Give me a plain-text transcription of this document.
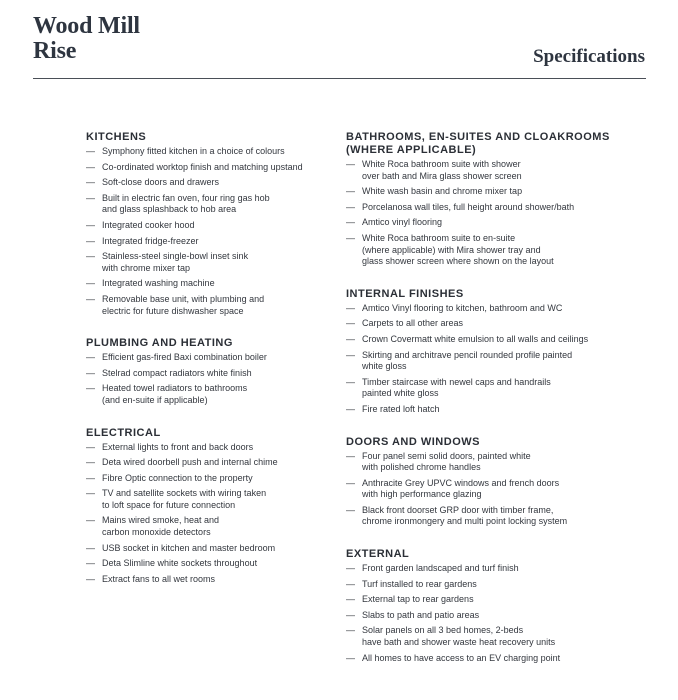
Wood Mill
Rise	Specifications
KITCHENS
— Symphony fitted kitchen in a choice of colours
— Co-ordinated worktop finish and matching upstand
— Soft-close doors and drawers
— Built in electric fan oven, four ring gas hob
and glass splashback to hob area
— Integrated cooker hood
— Integrated fridge-freezer
— Stainless-steel single-bowl inset sink
with chrome mixer tap
— Integrated washing machine
— Removable base unit, with plumbing and
electric for future dishwasher space
PLUMBING AND HEATING
— Efficient gas-fired Baxi combination boiler
— Stelrad compact radiators white finish
— Heated towel radiators to bathrooms
(and en-suite if applicable)
ELECTRICAL
— External lights to front and back doors
— Deta wired doorbell push and internal chime
— Fibre Optic connection to the property
— TV and satellite sockets with wiring taken
to loft space for future connection
— Mains wired smoke, heat and
carbon monoxide detectors
— USB socket in kitchen and master bedroom
— Deta Slimline white sockets throughout
— Extract fans to all wet rooms
BATHROOMS, EN-SUITES AND CLOAKROOMS
(WHERE APPLICABLE)
— White Roca bathroom suite with shower
over bath and Mira glass shower screen
— White wash basin and chrome mixer tap
— Porcelanosa wall tiles, full height around shower/bath
— Amtico vinyl flooring
— White Roca bathroom suite to en-suite
(where applicable) with Mira shower tray and
glass shower screen where shown on the layout
INTERNAL FINISHES
— Amtico Vinyl flooring to kitchen, bathroom and WC
— Carpets to all other areas
— Crown Covermatt white emulsion to all walls and ceilings
— Skirting and architrave pencil rounded profile painted
white gloss
— Timber staircase with newel caps and handrails
painted white gloss
— Fire rated loft hatch
DOORS AND WINDOWS
— Four panel semi solid doors, painted white
with polished chrome handles
— Anthracite Grey UPVC windows and french doors
with high performance glazing
— Black front doorset GRP door with timber frame,
chrome ironmongery and multi point locking system
EXTERNAL
— Front garden landscaped and turf finish
— Turf installed to rear gardens
— External tap to rear gardens
— Slabs to path and patio areas
— Solar panels on all 3 bed homes, 2-beds
have bath and shower waste heat recovery units
— All homes to have access to an EV charging point
